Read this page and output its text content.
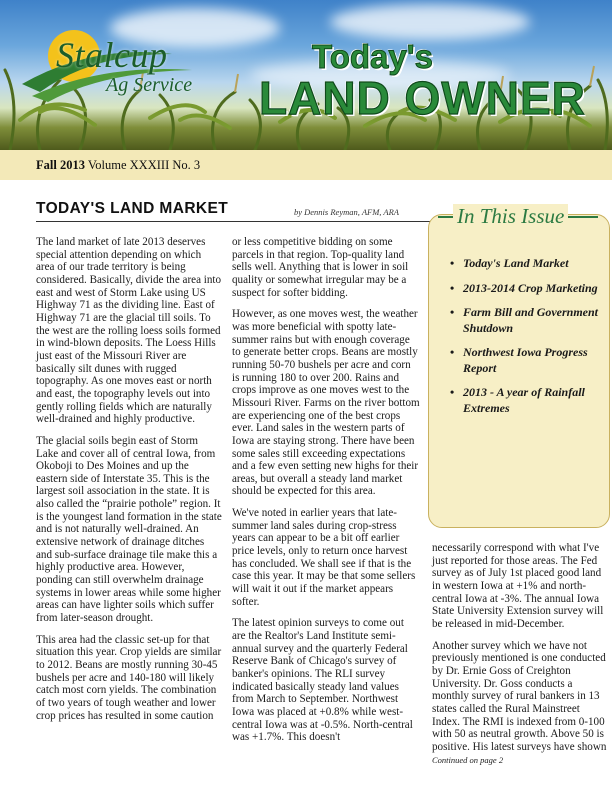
Stalcup
Ag Service
Today's
LAND OWNER
Fall 2013 Volume XXXIII No. 3
TODAY'S LAND MARKET	by Dennis Reyman, AFM, ARA

The land market of late 2013 deserves special attention depending on which area of our trade territory is being considered. Basically, divide the area into east and west of Storm Lake using US Highway 71 as the dividing line. East of Highway 71 are the glacial till soils. To the west are the rolling loess soils formed in wind-blown deposits. The Loess Hills just east of the Missouri River are basically silt dunes with rugged topography. As one moves east or north and east, the topography levels out into gently rolling fields which are naturally well-drained and highly productive.

The glacial soils begin east of Storm Lake and cover all of central Iowa, from Okoboji to Des Moines and up the eastern side of Interstate 35. This is the largest soil association in the state. It is also called the “prairie pothole” region. It is the youngest land formation in the state and is not naturally well-drained. An extensive network of drainage ditches and sub-surface drainage tile make this a highly productive area. However, ponding can still overwhelm drainage systems in lower areas while some higher areas can have lighter soils which suffer from later-season drought.

This area had the classic set-up for that situation this year. Crop yields are similar to 2012. Beans are mostly running 30-45 bushels per acre and 140-180 will likely catch most corn yields. The combination of two years of tough weather and lower crop prices has resulted in some caution

or less competitive bidding on some parcels in that region. Top-quality land sells well. Anything that is lower in soil quality or somewhat irregular may be a suspect for softer bidding.

However, as one moves west, the weather was more beneficial with spotty late-summer rains but with enough coverage to generate better crops. Beans are mostly running 50-70 bushels per acre and corn is running 180 to over 200. Rains and crops improve as one moves west to the Missouri River. Farms on the river bottom are experiencing one of the best crops ever. Land sales in the western parts of Iowa are staying strong. There have been some sales still exceeding expectations and a few even setting new highs for their areas, but overall a steady land market should be expected for this area.

We've noted in earlier years that late-summer land sales during crop-stress years can appear to be a bit off earlier price levels, only to return once harvest has concluded. We shall see if that is the case this year. It may be that some sellers will wait it out if the market appears softer.

The latest opinion surveys to come out are the Realtor's Land Institute semi-annual survey and the quarterly Federal Reserve Bank of Chicago's survey of banker's opinions. The RLI survey indicated basically steady land values from March to September. Northwest Iowa was placed at +0.8% while west-central Iowa was at -0.5%. North-central was +1.7%. This doesn't

necessarily correspond with what I've just reported for those areas. The Fed survey as of July 1st placed good land in western Iowa at +1% and north-central Iowa at -3%. The annual Iowa State University Extension survey will be released in mid-December.

Another survey which we have not previously mentioned is one conducted by Dr. Ernie Goss of Creighton University. Dr. Goss conducts a monthly survey of rural bankers in 13 states called the Rural Mainstreet Index. The RMI is indexed from 0-100 with 50 as neutral growth. Above 50 is positive. His latest surveys have shown

Continued on page 2
In This Issue
• Today's Land Market
• 2013-2014 Crop Marketing
• Farm Bill and Government Shutdown
• Northwest Iowa Progress Report
• 2013 - A year of Rainfall Extremes
